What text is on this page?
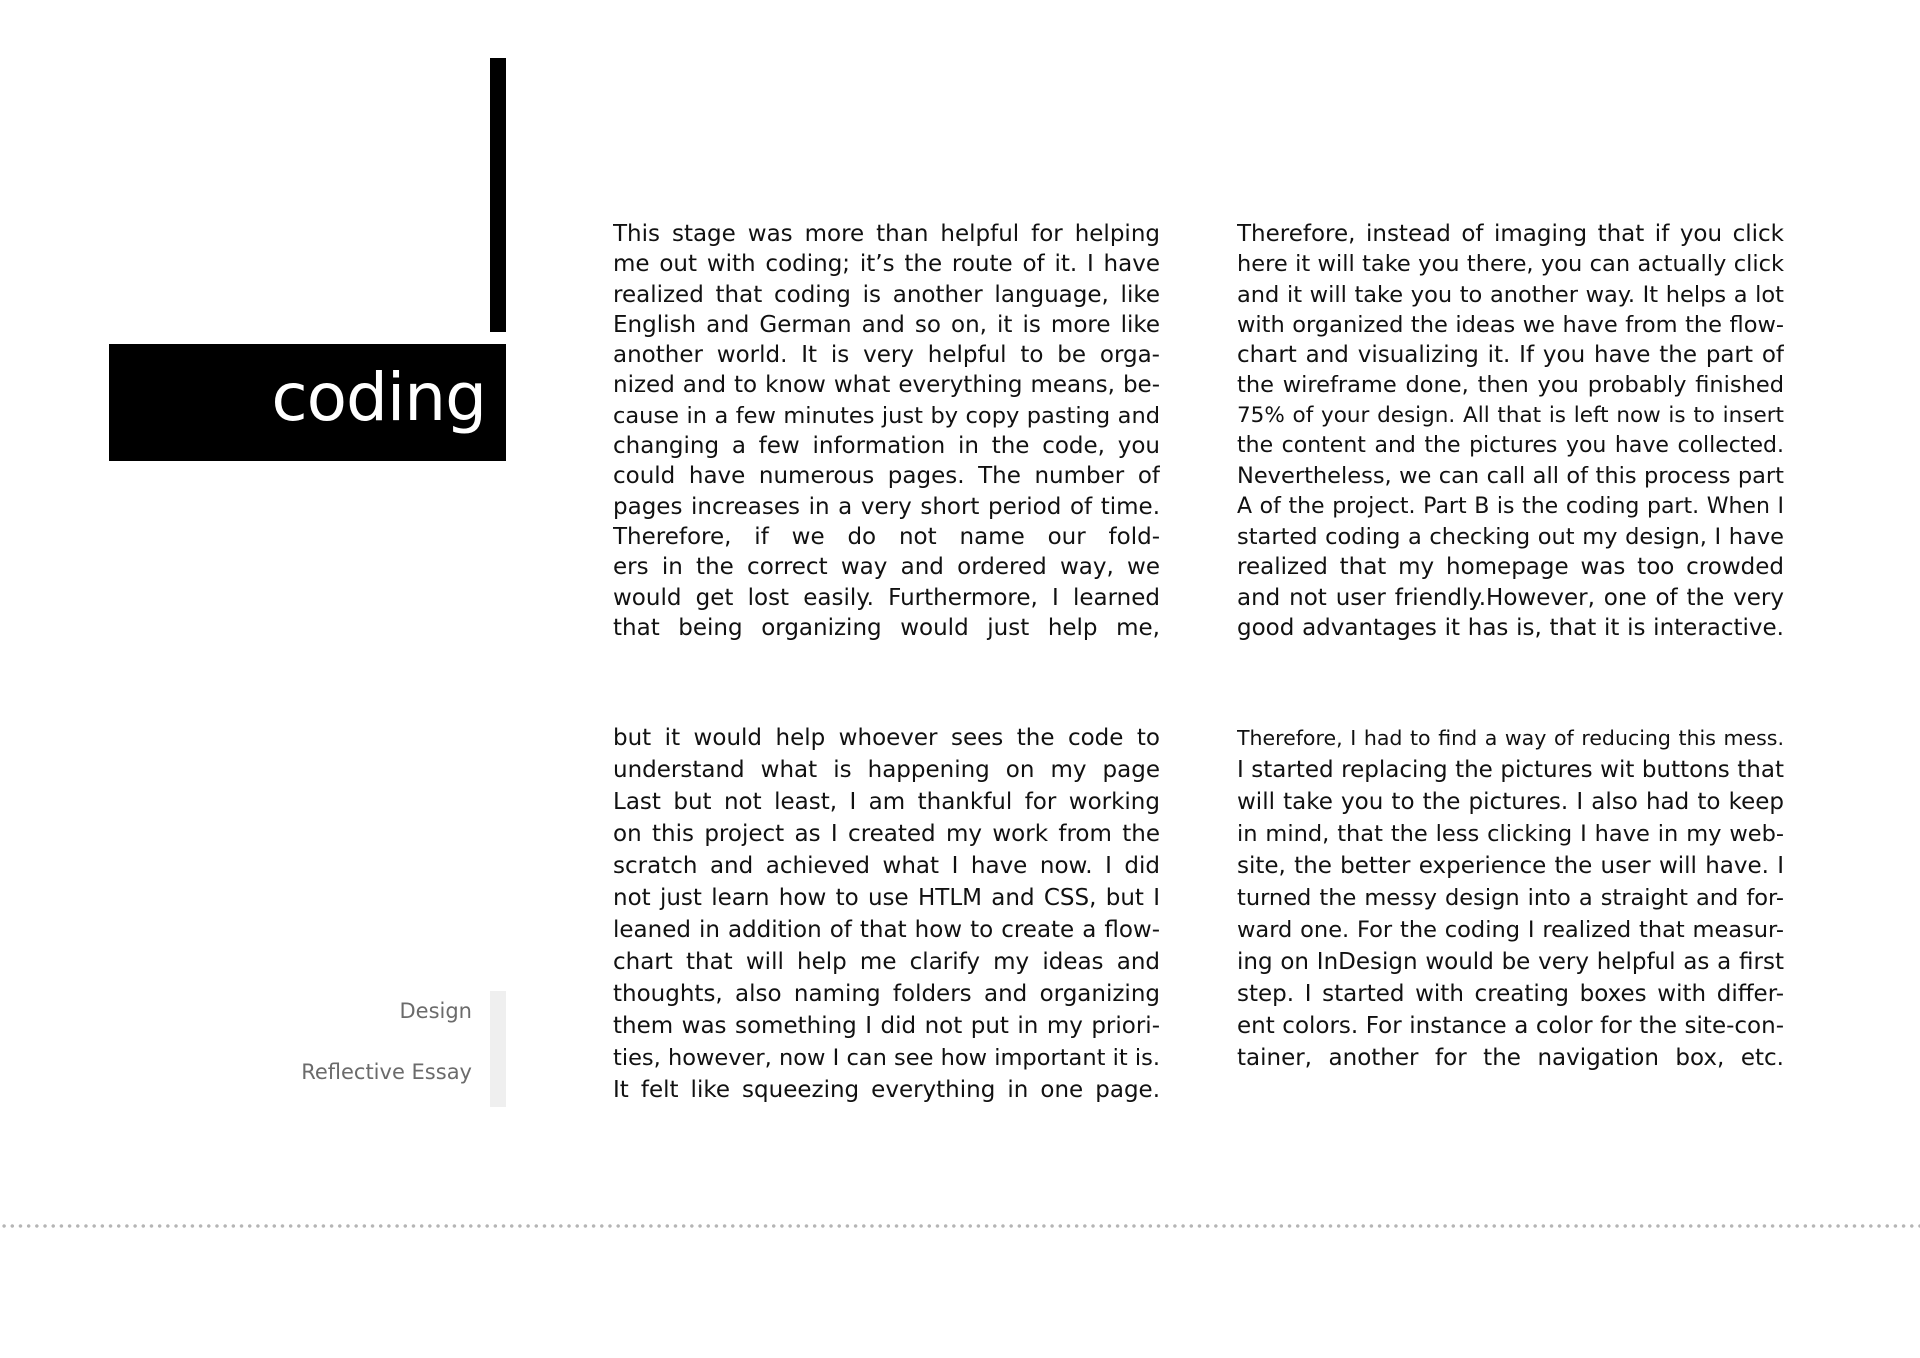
coding
Design
Reflective Essay
This stage was more than helpful for helping
me out with coding; it’s the route of it. I have
realized that coding is another language, like
English and German and so on, it is more like
another world. It is very helpful to be orga-
nized and to know what everything means, be-
cause in a few minutes just by copy pasting and
changing a few information in the code, you
could have numerous pages. The number of
pages increases in a very short period of time.
Therefore, if we do not name our fold-
ers in the correct way and ordered way, we
would get lost easily. Furthermore, I learned
that being organizing would just help me,
Therefore, instead of imaging that if you click
here it will take you there, you can actually click
and it will take you to another way. It helps a lot
with organized the ideas we have from the flow-
chart and visualizing it. If you have the part of
the wireframe done, then you probably finished
75% of your design. All that is left now is to insert
the content and the pictures you have collected.
Nevertheless, we can call all of this process part
A of the project. Part B is the coding part. When I
started coding a checking out my design, I have
realized that my homepage was too crowded
and not user friendly.However, one of the very
good advantages it has is, that it is interactive.
but it would help whoever sees the code to
understand what is happening on my page
Last but not least, I am thankful for working
on this project as I created my work from the
scratch and achieved what I have now. I did
not just learn how to use HTLM and CSS, but I
leaned in addition of that how to create a flow-
chart that will help me clarify my ideas and
thoughts, also naming folders and organizing
them was something I did not put in my priori-
ties, however, now I can see how important it is.
It felt like squeezing everything in one page.
Therefore, I had to find a way of reducing this mess.
I started replacing the pictures wit buttons that
will take you to the pictures. I also had to keep
in mind, that the less clicking I have in my web-
site, the better experience the user will have. I
turned the messy design into a straight and for-
ward one. For the coding I realized that measur-
ing on InDesign would be very helpful as a first
step. I started with creating boxes with differ-
ent colors. For instance a color for the site-con-
tainer, another for the navigation box, etc.
